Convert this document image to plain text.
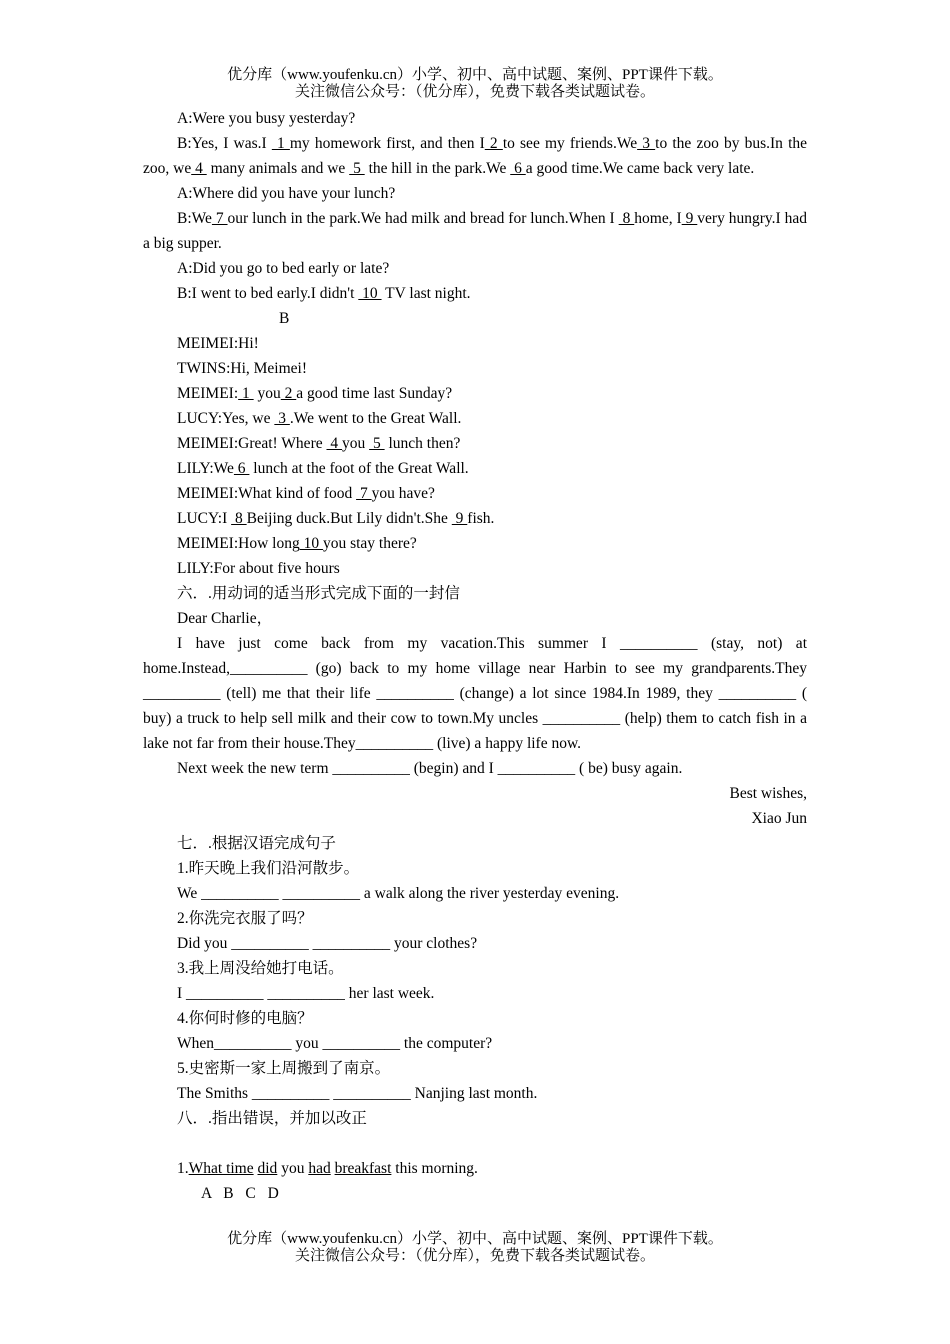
优分库（www.youfenku.cn）小学、初中、高中试题、案例、PPT课件下载。
关注微信公众号：（优分库），免费下载各类试题试卷。

A:Were you busy yesterday?

B:Yes, I was.I  1 my homework first, and then I 2 to see my friends.We 3 to the zoo by bus.In the zoo, we 4  many animals and we  5  the hill in the park.We  6 a good time.We came back very late.

A:Where did you have your lunch?

B:We 7 our lunch in the park.We had milk and bread for lunch.When I  8 home, I 9 very hungry.I had a big supper.

A:Did you go to bed early or late?

B:I went to bed early.I didn't  10  TV last night.

B

MEIMEI:Hi!

TWINS:Hi, Meimei!

MEIMEI: 1  you 2 a good time last Sunday?

LUCY:Yes, we  3 .We went to the Great Wall.

MEIMEI:Great! Where  4 you  5  lunch then?

LILY:We 6  lunch at the foot of the Great Wall.

MEIMEI:What kind of food  7 you have?

LUCY:I  8 Beijing duck.But Lily didn't.She  9 fish.

MEIMEI:How long 10 you stay there?

LILY:For about five hours

六．.用动词的适当形式完成下面的一封信

Dear Charlie，

I have just come back from my vacation.This summer I __________ (stay, not) at home.Instead,__________ (go) back to my home village near Harbin to see my grandparents.They __________ (tell) me that their life __________ (change) a lot since 1984.In 1989, they __________ ( buy) a truck to help sell milk and their cow to town.My uncles __________ (help) them to catch fish in a lake not far from their house.They__________ (live) a happy life now.

Next week the new term __________ (begin) and I __________ ( be) busy again.

Best wishes,

Xiao Jun

七．.根据汉语完成句子

1.昨天晚上我们沿河散步。

We __________ __________ a walk along the river yesterday evening.

2.你洗完衣服了吗？

Did you __________ __________ your clothes?

3.我上周没给她打电话。

I __________ __________ her last week.

4.你何时修的电脑？

When__________ you __________ the computer?

5.史密斯一家上周搬到了南京。

The Smiths __________ __________ Nanjing last month.

八．.指出错误，并加以改正

1.What time did you had breakfast this morning.

A B C D

优分库（www.youfenku.cn）小学、初中、高中试题、案例、PPT课件下载。
关注微信公众号：（优分库），免费下载各类试题试卷。
